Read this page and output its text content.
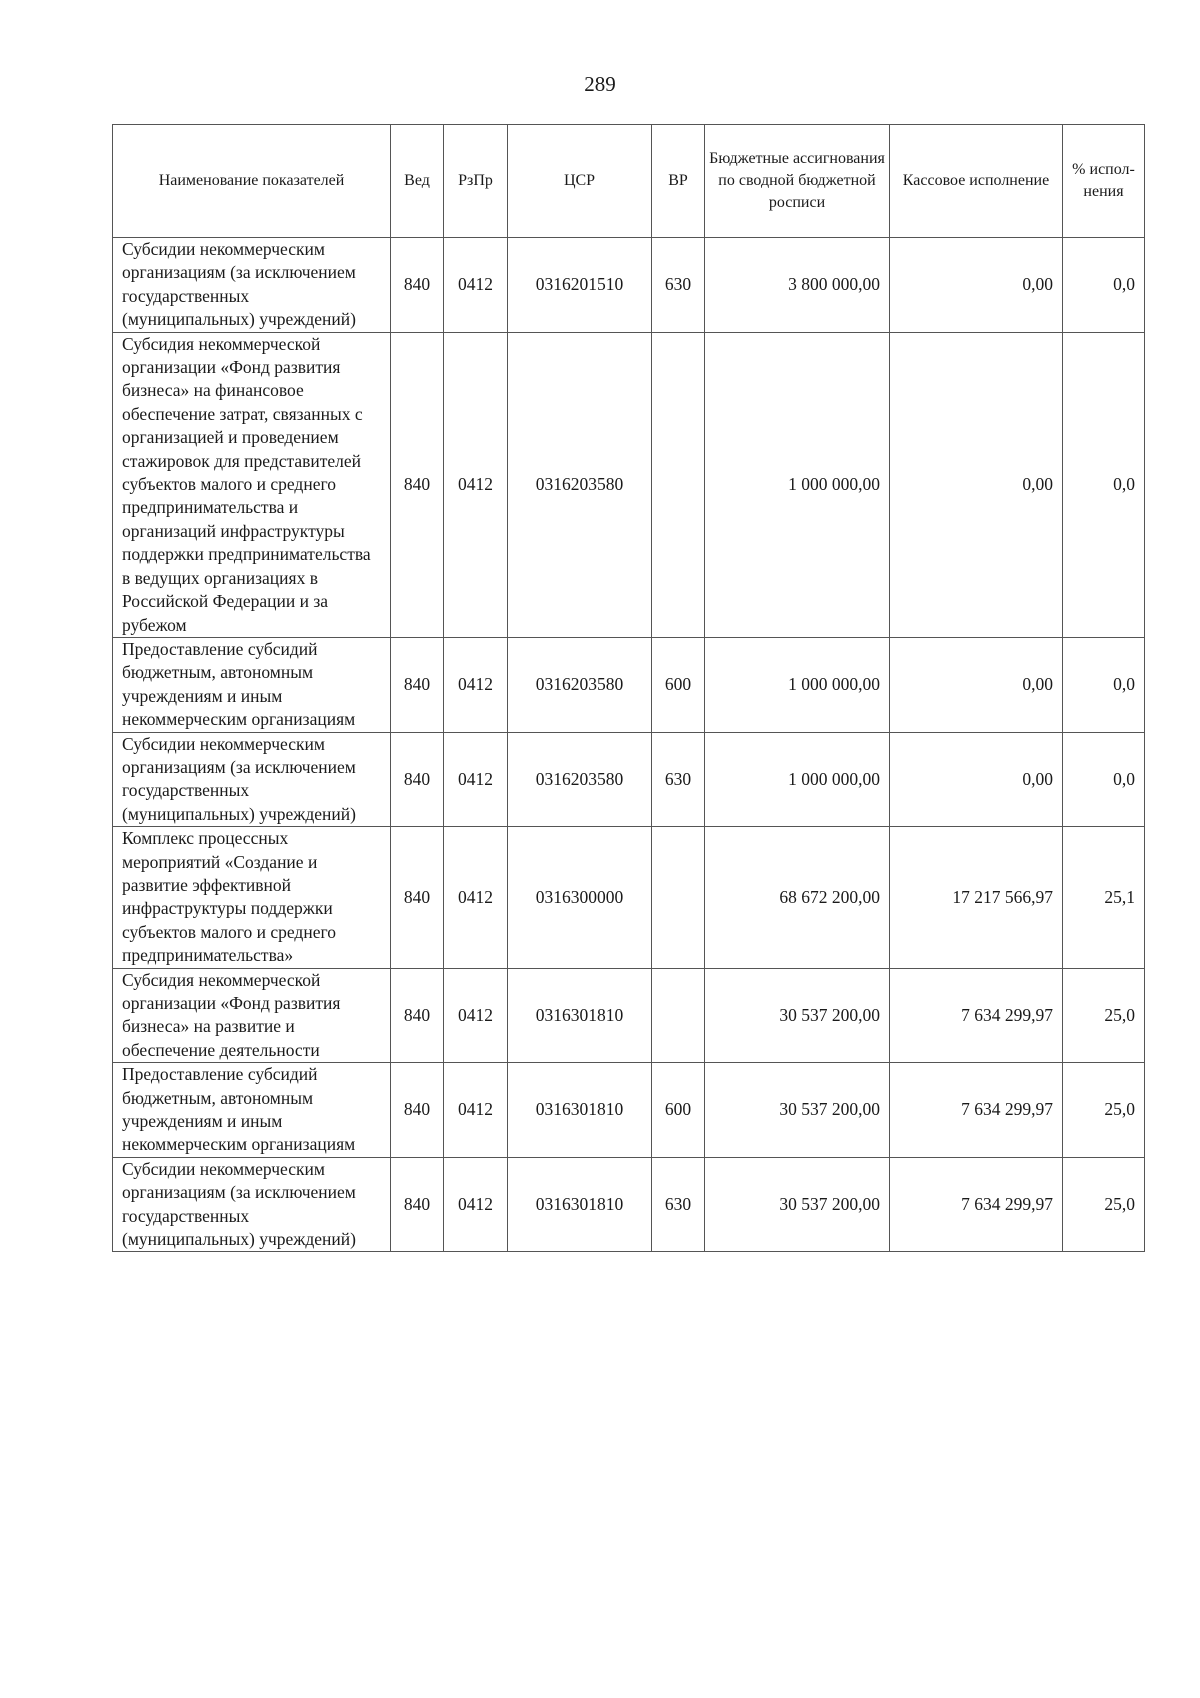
289
Наименование показателей	Вед	РзПр	ЦСР	ВР	Бюджетные ассигнования по сводной бюджетной росписи	Кассовое исполнение	% испол-нения
Субсидии некоммерческим организациям (за исключением государственных (муниципальных) учреждений)	840	0412	0316201510	630	3 800 000,00	0,00	0,0
Субсидия некоммерческой организации «Фонд развития бизнеса» на финансовое обеспечение затрат, связанных с организацией и проведением стажировок для представителей субъектов малого и среднего предпринимательства и организаций инфраструктуры поддержки предпринимательства в ведущих организациях в Российской Федерации и за рубежом	840	0412	0316203580		1 000 000,00	0,00	0,0
Предоставление субсидий бюджетным, автономным учреждениям и иным некоммерческим организациям	840	0412	0316203580	600	1 000 000,00	0,00	0,0
Субсидии некоммерческим организациям (за исключением государственных (муниципальных) учреждений)	840	0412	0316203580	630	1 000 000,00	0,00	0,0
Комплекс процессных мероприятий «Создание и развитие эффективной инфраструктуры поддержки субъектов малого и среднего предпринимательства»	840	0412	0316300000		68 672 200,00	17 217 566,97	25,1
Субсидия некоммерческой организации «Фонд развития бизнеса» на развитие и обеспечение деятельности	840	0412	0316301810		30 537 200,00	7 634 299,97	25,0
Предоставление субсидий бюджетным, автономным учреждениям и иным некоммерческим организациям	840	0412	0316301810	600	30 537 200,00	7 634 299,97	25,0
Субсидии некоммерческим организациям (за исключением государственных (муниципальных) учреждений)	840	0412	0316301810	630	30 537 200,00	7 634 299,97	25,0
